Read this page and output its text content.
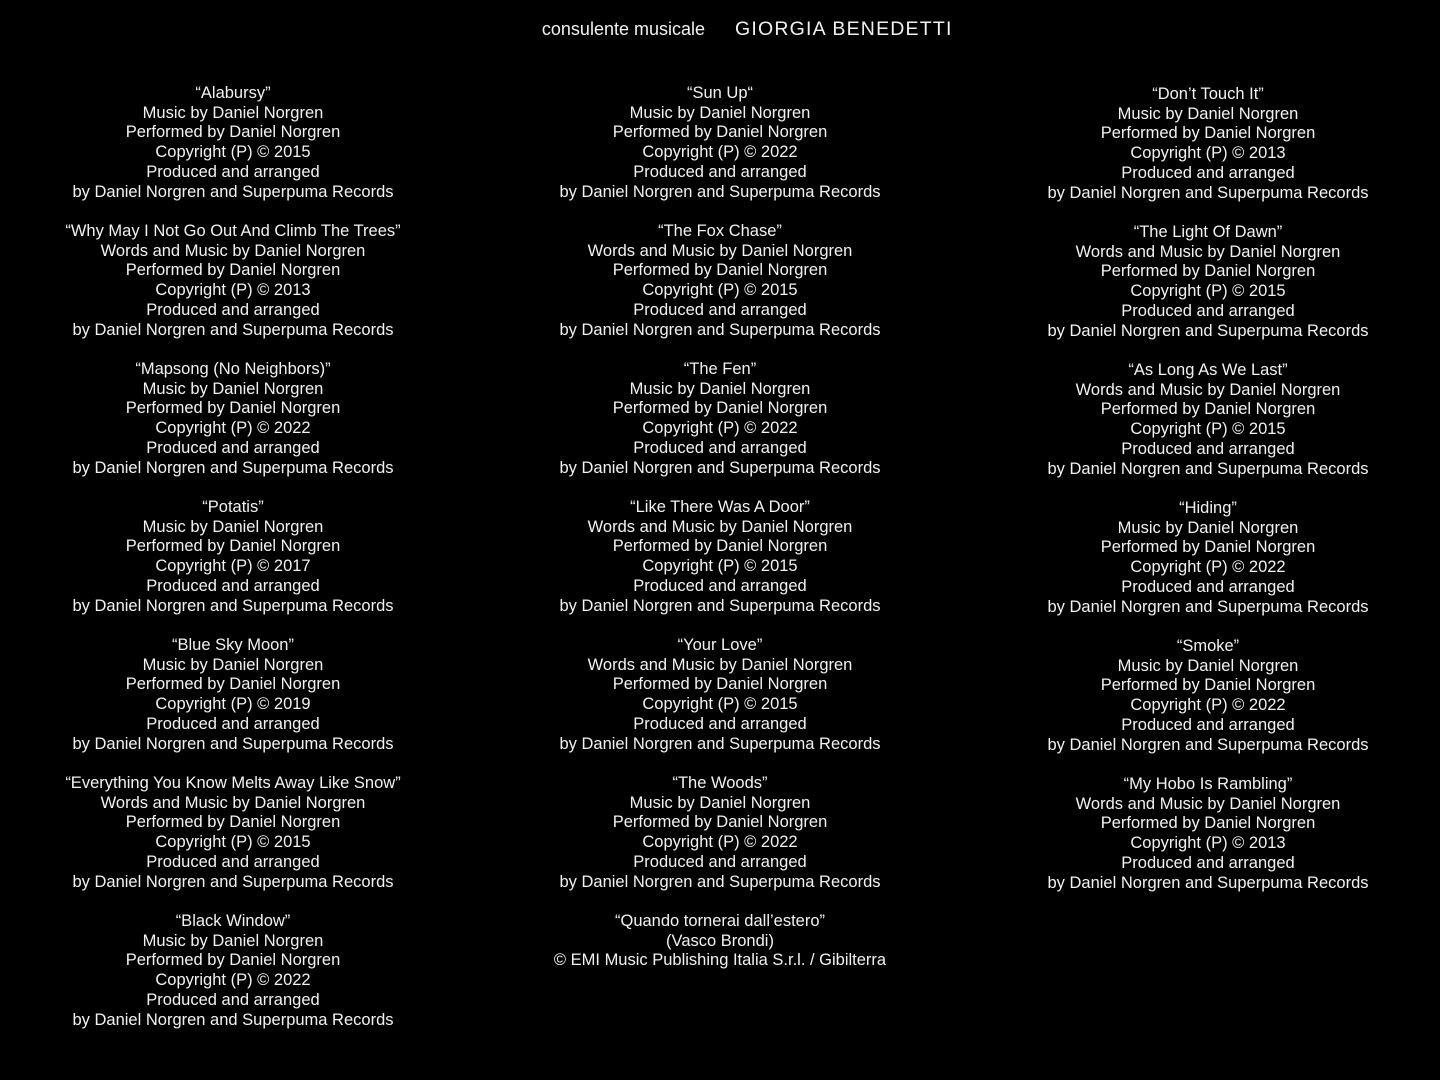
consulente musicale GIORGIA BENEDETTI
“Alabursy”
Music by Daniel Norgren
Performed by Daniel Norgren
Copyright (P) © 2015
Produced and arranged
by Daniel Norgren and Superpuma Records
“Why May I Not Go Out And Climb The Trees”
Words and Music by Daniel Norgren
Performed by Daniel Norgren
Copyright (P) © 2013
Produced and arranged
by Daniel Norgren and Superpuma Records
“Mapsong (No Neighbors)”
Music by Daniel Norgren
Performed by Daniel Norgren
Copyright (P) © 2022
Produced and arranged
by Daniel Norgren and Superpuma Records
“Potatis”
Music by Daniel Norgren
Performed by Daniel Norgren
Copyright (P) © 2017
Produced and arranged
by Daniel Norgren and Superpuma Records
“Blue Sky Moon”
Music by Daniel Norgren
Performed by Daniel Norgren
Copyright (P) © 2019
Produced and arranged
by Daniel Norgren and Superpuma Records
“Everything You Know Melts Away Like Snow”
Words and Music by Daniel Norgren
Performed by Daniel Norgren
Copyright (P) © 2015
Produced and arranged
by Daniel Norgren and Superpuma Records
“Black Window”
Music by Daniel Norgren
Performed by Daniel Norgren
Copyright (P) © 2022
Produced and arranged
by Daniel Norgren and Superpuma Records
“Sun Up“
Music by Daniel Norgren
Performed by Daniel Norgren
Copyright (P) © 2022
Produced and arranged
by Daniel Norgren and Superpuma Records
“The Fox Chase”
Words and Music by Daniel Norgren
Performed by Daniel Norgren
Copyright (P) © 2015
Produced and arranged
by Daniel Norgren and Superpuma Records
“The Fen”
Music by Daniel Norgren
Performed by Daniel Norgren
Copyright (P) © 2022
Produced and arranged
by Daniel Norgren and Superpuma Records
“Like There Was A Door”
Words and Music by Daniel Norgren
Performed by Daniel Norgren
Copyright (P) © 2015
Produced and arranged
by Daniel Norgren and Superpuma Records
“Your Love”
Words and Music by Daniel Norgren
Performed by Daniel Norgren
Copyright (P) © 2015
Produced and arranged
by Daniel Norgren and Superpuma Records
“The Woods”
Music by Daniel Norgren
Performed by Daniel Norgren
Copyright (P) © 2022
Produced and arranged
by Daniel Norgren and Superpuma Records
“Quando tornerai dall’estero”
(Vasco Brondi)
© EMI Music Publishing Italia S.r.l. / Gibilterra
“Don’t Touch It”
Music by Daniel Norgren
Performed by Daniel Norgren
Copyright (P) © 2013
Produced and arranged
by Daniel Norgren and Superpuma Records
“The Light Of Dawn”
Words and Music by Daniel Norgren
Performed by Daniel Norgren
Copyright (P) © 2015
Produced and arranged
by Daniel Norgren and Superpuma Records
“As Long As We Last”
Words and Music by Daniel Norgren
Performed by Daniel Norgren
Copyright (P) © 2015
Produced and arranged
by Daniel Norgren and Superpuma Records
“Hiding”
Music by Daniel Norgren
Performed by Daniel Norgren
Copyright (P) © 2022
Produced and arranged
by Daniel Norgren and Superpuma Records
“Smoke”
Music by Daniel Norgren
Performed by Daniel Norgren
Copyright (P) © 2022
Produced and arranged
by Daniel Norgren and Superpuma Records
“My Hobo Is Rambling”
Words and Music by Daniel Norgren
Performed by Daniel Norgren
Copyright (P) © 2013
Produced and arranged
by Daniel Norgren and Superpuma Records
